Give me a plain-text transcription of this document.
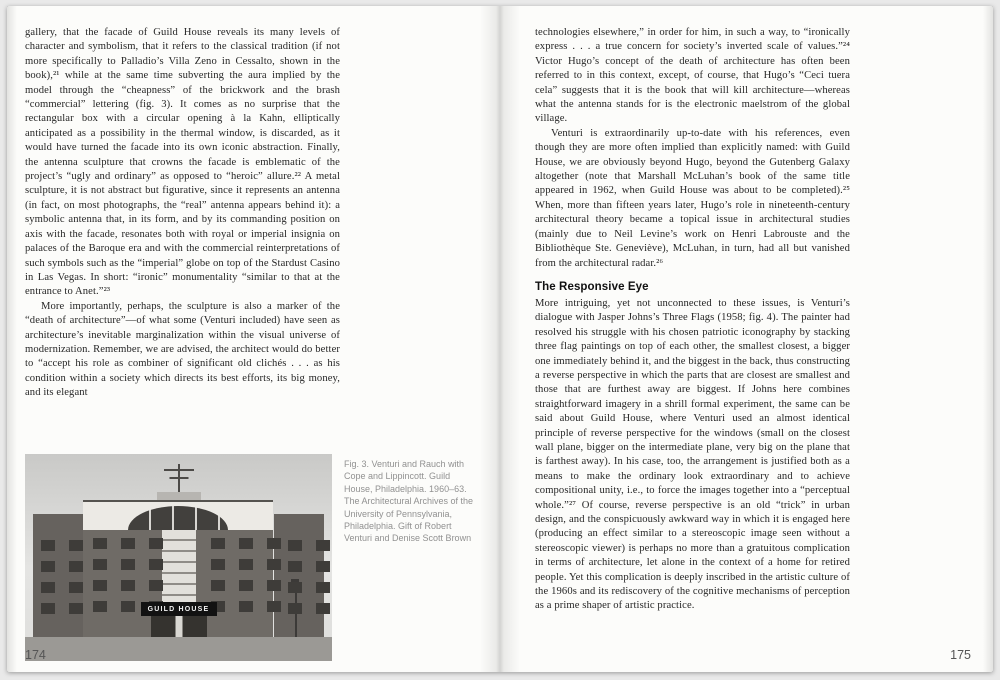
gallery, that the facade of Guild House reveals its many levels of character and symbolism, that it refers to the classical tradition (if not more specifically to Palladio’s Villa Zeno in Cessalto, shown in the book),²¹ while at the same time subverting the aura implied by the model through the “cheapness” of the brickwork and the brash “commercial” lettering (fig. 3). It comes as no surprise that the rectangular box with a circular opening à la Kahn, elliptically anticipated as a possibility in the thermal window, is discarded, as it would have turned the facade into its own iconic abstraction. Finally, the antenna sculpture that crowns the facade is emblematic of the project’s “ugly and ordinary” as opposed to “heroic” allure.²² A metal sculpture, it is not abstract but figurative, since it represents an antenna (in fact, on most photographs, the “real” antenna appears behind it): a symbolic antenna that, in its form, and by its commanding position on axis with the facade, resonates both with royal or imperial insignia on palaces of the Baroque era and with the commercial reinterpretations of such symbols such as the “imperial” globe on top of the Stardust Casino in Las Vegas. In short: “ironic” monumentality “similar to that at the entrance to Anet.”²³

More importantly, perhaps, the sculpture is also a marker of the “death of architecture”—of what some (Venturi included) have seen as architecture’s inevitable marginalization within the visual universe of modernization. Remember, we are advised, the architect would do better to “accept his role as combiner of significant old clichés . . . as his condition within a society which directs its best efforts, its big money, and its elegant

GUILD HOUSE
Fig. 3. Venturi and Rauch with Cope and Lippincott. Guild House, Philadelphia. 1960–63. The Architectural Archives of the University of Pennsylvania, Philadelphia. Gift of Robert Venturi and Denise Scott Brown
174

technologies elsewhere,” in order for him, in such a way, to “ironically express . . . a true concern for society’s inverted scale of values.”²⁴ Victor Hugo’s concept of the death of architecture has often been referred to in this context, except, of course, that Hugo’s “Ceci tuera cela” suggests that it is the book that will kill architecture—whereas what the antenna stands for is the electronic maelstrom of the global village.

Venturi is extraordinarily up-to-date with his references, even though they are more often implied than explicitly named: with Guild House, we are obviously beyond Hugo, beyond the Gutenberg Galaxy altogether (note that Marshall McLuhan’s book of the same title appeared in 1962, when Guild House was about to be completed).²⁵ When, more than fifteen years later, Hugo’s role in nineteenth-century architectural theory became a topical issue in architectural studies (mainly due to Neil Levine’s work on Henri Labrouste and the Bibliothèque Ste. Geneviève), McLuhan, in turn, had all but vanished from the architectural radar.²⁶

The Responsive Eye

More intriguing, yet not unconnected to these issues, is Venturi’s dialogue with Jasper Johns’s Three Flags (1958; fig. 4). The painter had resolved his struggle with his chosen patriotic iconography by stacking three flag paintings on top of each other, the smallest closest, a bigger one immediately behind it, and the biggest in the back, thus constructing a reverse perspective in which the parts that are closest are smallest and those that are furthest away are biggest. If Johns here combines straightforward imagery in a shrill formal experiment, the same can be said about Guild House, where Venturi used an almost identical principle of reverse perspective for the windows (small on the closest wall plane, bigger on the intermediate plane, very big on the plane that is farthest away). In his case, too, the arrangement is justified both as a means to make the ordinary look extraordinary and to achieve compositional unity, i.e., to force the images together into a “perceptual whole.”²⁷ Of course, reverse perspective is an old “trick” in urban design, and the conspicuously awkward way in which it is engaged here (producing an effect similar to a stereoscopic image seen without a stereoscopic viewer) is perhaps no more than a gratuitous complication in terms of architecture, let alone in the context of a home for retired people. Yet this complication is deeply inscribed in the artistic culture of the 1960s and its rediscovery of the cognitive mechanisms of perception as a prime shaper of artistic practice.

175
